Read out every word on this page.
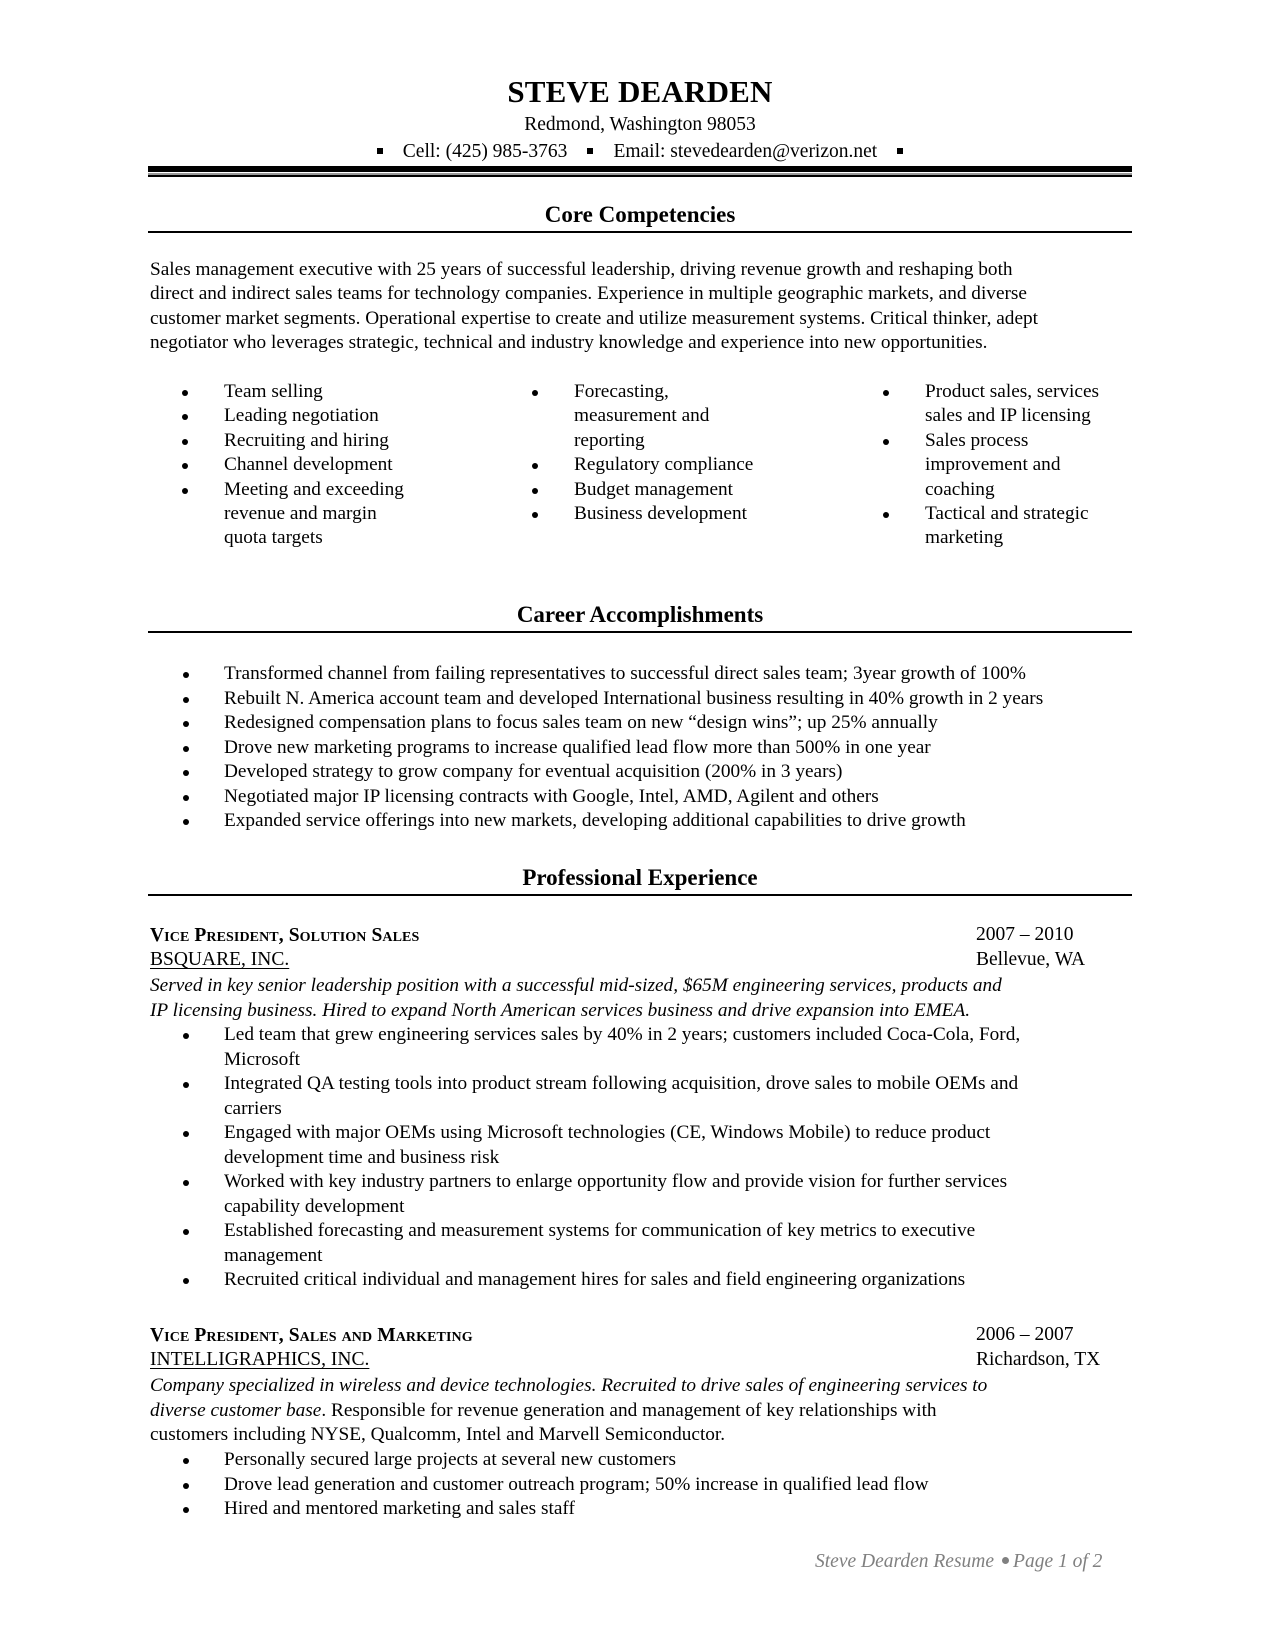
STEVE DEARDEN
Redmond, Washington 98053
Cell: (425) 985-3763 Email: stevedearden@verizon.net
Core Competencies
Sales management executive with 25 years of successful leadership, driving revenue growth and reshaping both
direct and indirect sales teams for technology companies. Experience in multiple geographic markets, and diverse
customer market segments. Operational expertise to create and utilize measurement systems. Critical thinker, adept
negotiator who leverages strategic, technical and industry knowledge and experience into new opportunities.
Team selling
Leading negotiation
Recruiting and hiring
Channel development
Meeting and exceeding
revenue and margin
quota targets
Forecasting,
measurement and
reporting
Regulatory compliance
Budget management
Business development
Product sales, services
sales and IP licensing
Sales process
improvement and
coaching
Tactical and strategic
marketing
Career Accomplishments
Transformed channel from failing representatives to successful direct sales team; 3year growth of 100%
Rebuilt N. America account team and developed International business resulting in 40% growth in 2 years
Redesigned compensation plans to focus sales team on new “design wins”; up 25% annually
Drove new marketing programs to increase qualified lead flow more than 500% in one year
Developed strategy to grow company for eventual acquisition (200% in 3 years)
Negotiated major IP licensing contracts with Google, Intel, AMD, Agilent and others
Expanded service offerings into new markets, developing additional capabilities to drive growth
Professional Experience
Vice President, Solution Sales	2007 – 2010
BSQUARE, INC.	Bellevue, WA
Served in key senior leadership position with a successful mid-sized, $65M engineering services, products and
IP licensing business. Hired to expand North American services business and drive expansion into EMEA.
Led team that grew engineering services sales by 40% in 2 years; customers included Coca-Cola, Ford,
Microsoft
Integrated QA testing tools into product stream following acquisition, drove sales to mobile OEMs and
carriers
Engaged with major OEMs using Microsoft technologies (CE, Windows Mobile) to reduce product
development time and business risk
Worked with key industry partners to enlarge opportunity flow and provide vision for further services
capability development
Established forecasting and measurement systems for communication of key metrics to executive
management
Recruited critical individual and management hires for sales and field engineering organizations
Vice President, Sales and Marketing	2006 – 2007
INTELLIGRAPHICS, INC.	Richardson, TX
Company specialized in wireless and device technologies. Recruited to drive sales of engineering services to
diverse customer base. Responsible for revenue generation and management of key relationships with
customers including NYSE, Qualcomm, Intel and Marvell Semiconductor.
Personally secured large projects at several new customers
Drove lead generation and customer outreach program; 50% increase in qualified lead flow
Hired and mentored marketing and sales staff
Steve Dearden Resume Page 1 of 2
